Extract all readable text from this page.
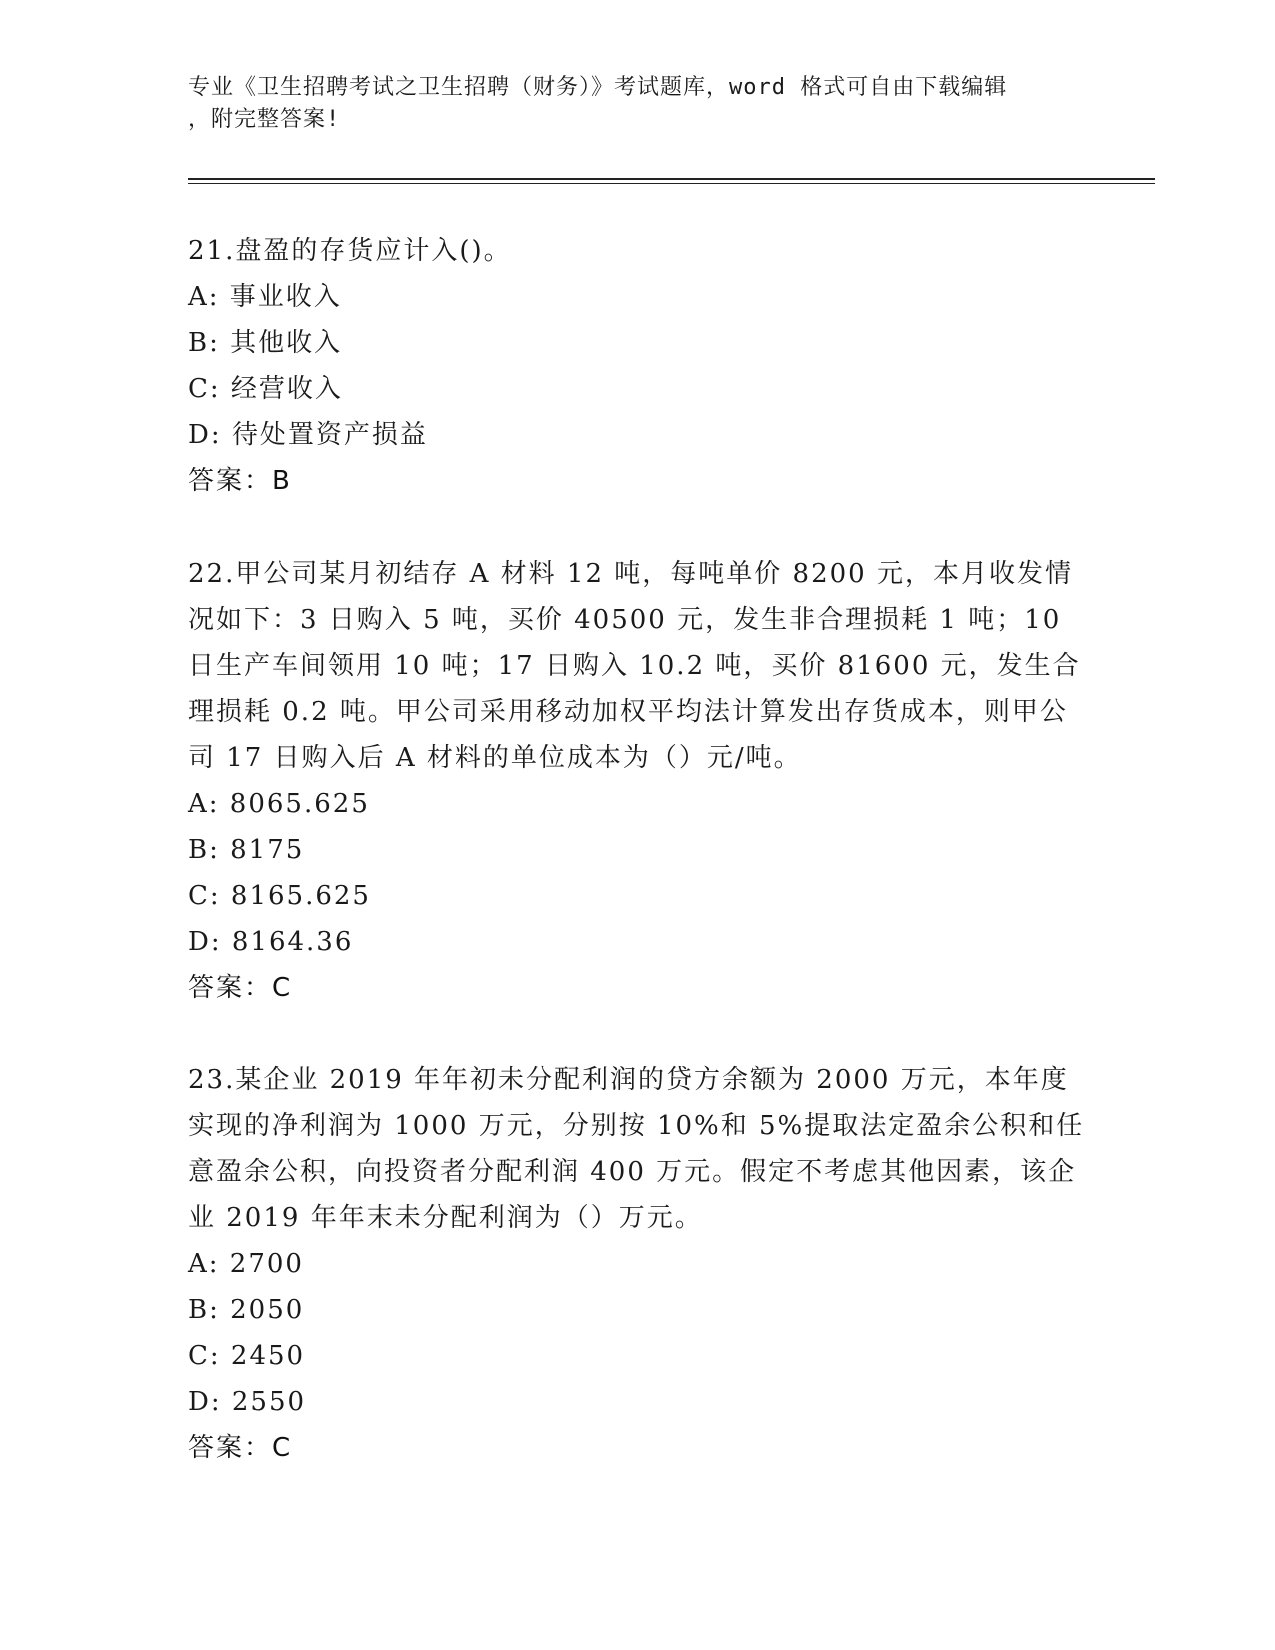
专业《卫生招聘考试之卫生招聘（财务）》考试题库，word 格式可自由下载编辑
，附完整答案!
21.盘盈的存货应计入()。
A: 事业收入
B: 其他收入
C: 经营收入
D: 待处置资产损益
答案：B
22.甲公司某月初结存 A 材料 12 吨，每吨单价 8200 元，本月收发情况如下：3 日购入 5 吨，买价 40500 元，发生非合理损耗 1 吨；10 日生产车间领用 10 吨；17 日购入 10.2 吨，买价 81600 元，发生合理损耗 0.2 吨。甲公司采用移动加权平均法计算发出存货成本，则甲公司 17 日购入后 A 材料的单位成本为（）元/吨。
A: 8065.625
B: 8175
C: 8165.625
D: 8164.36
答案：C
23.某企业 2019 年年初未分配利润的贷方余额为 2000 万元，本年度实现的净利润为 1000 万元，分别按 10%和 5%提取法定盈余公积和任意盈余公积，向投资者分配利润 400 万元。假定不考虑其他因素，该企业 2019 年年末未分配利润为（）万元。
A: 2700
B: 2050
C: 2450
D: 2550
答案：C
